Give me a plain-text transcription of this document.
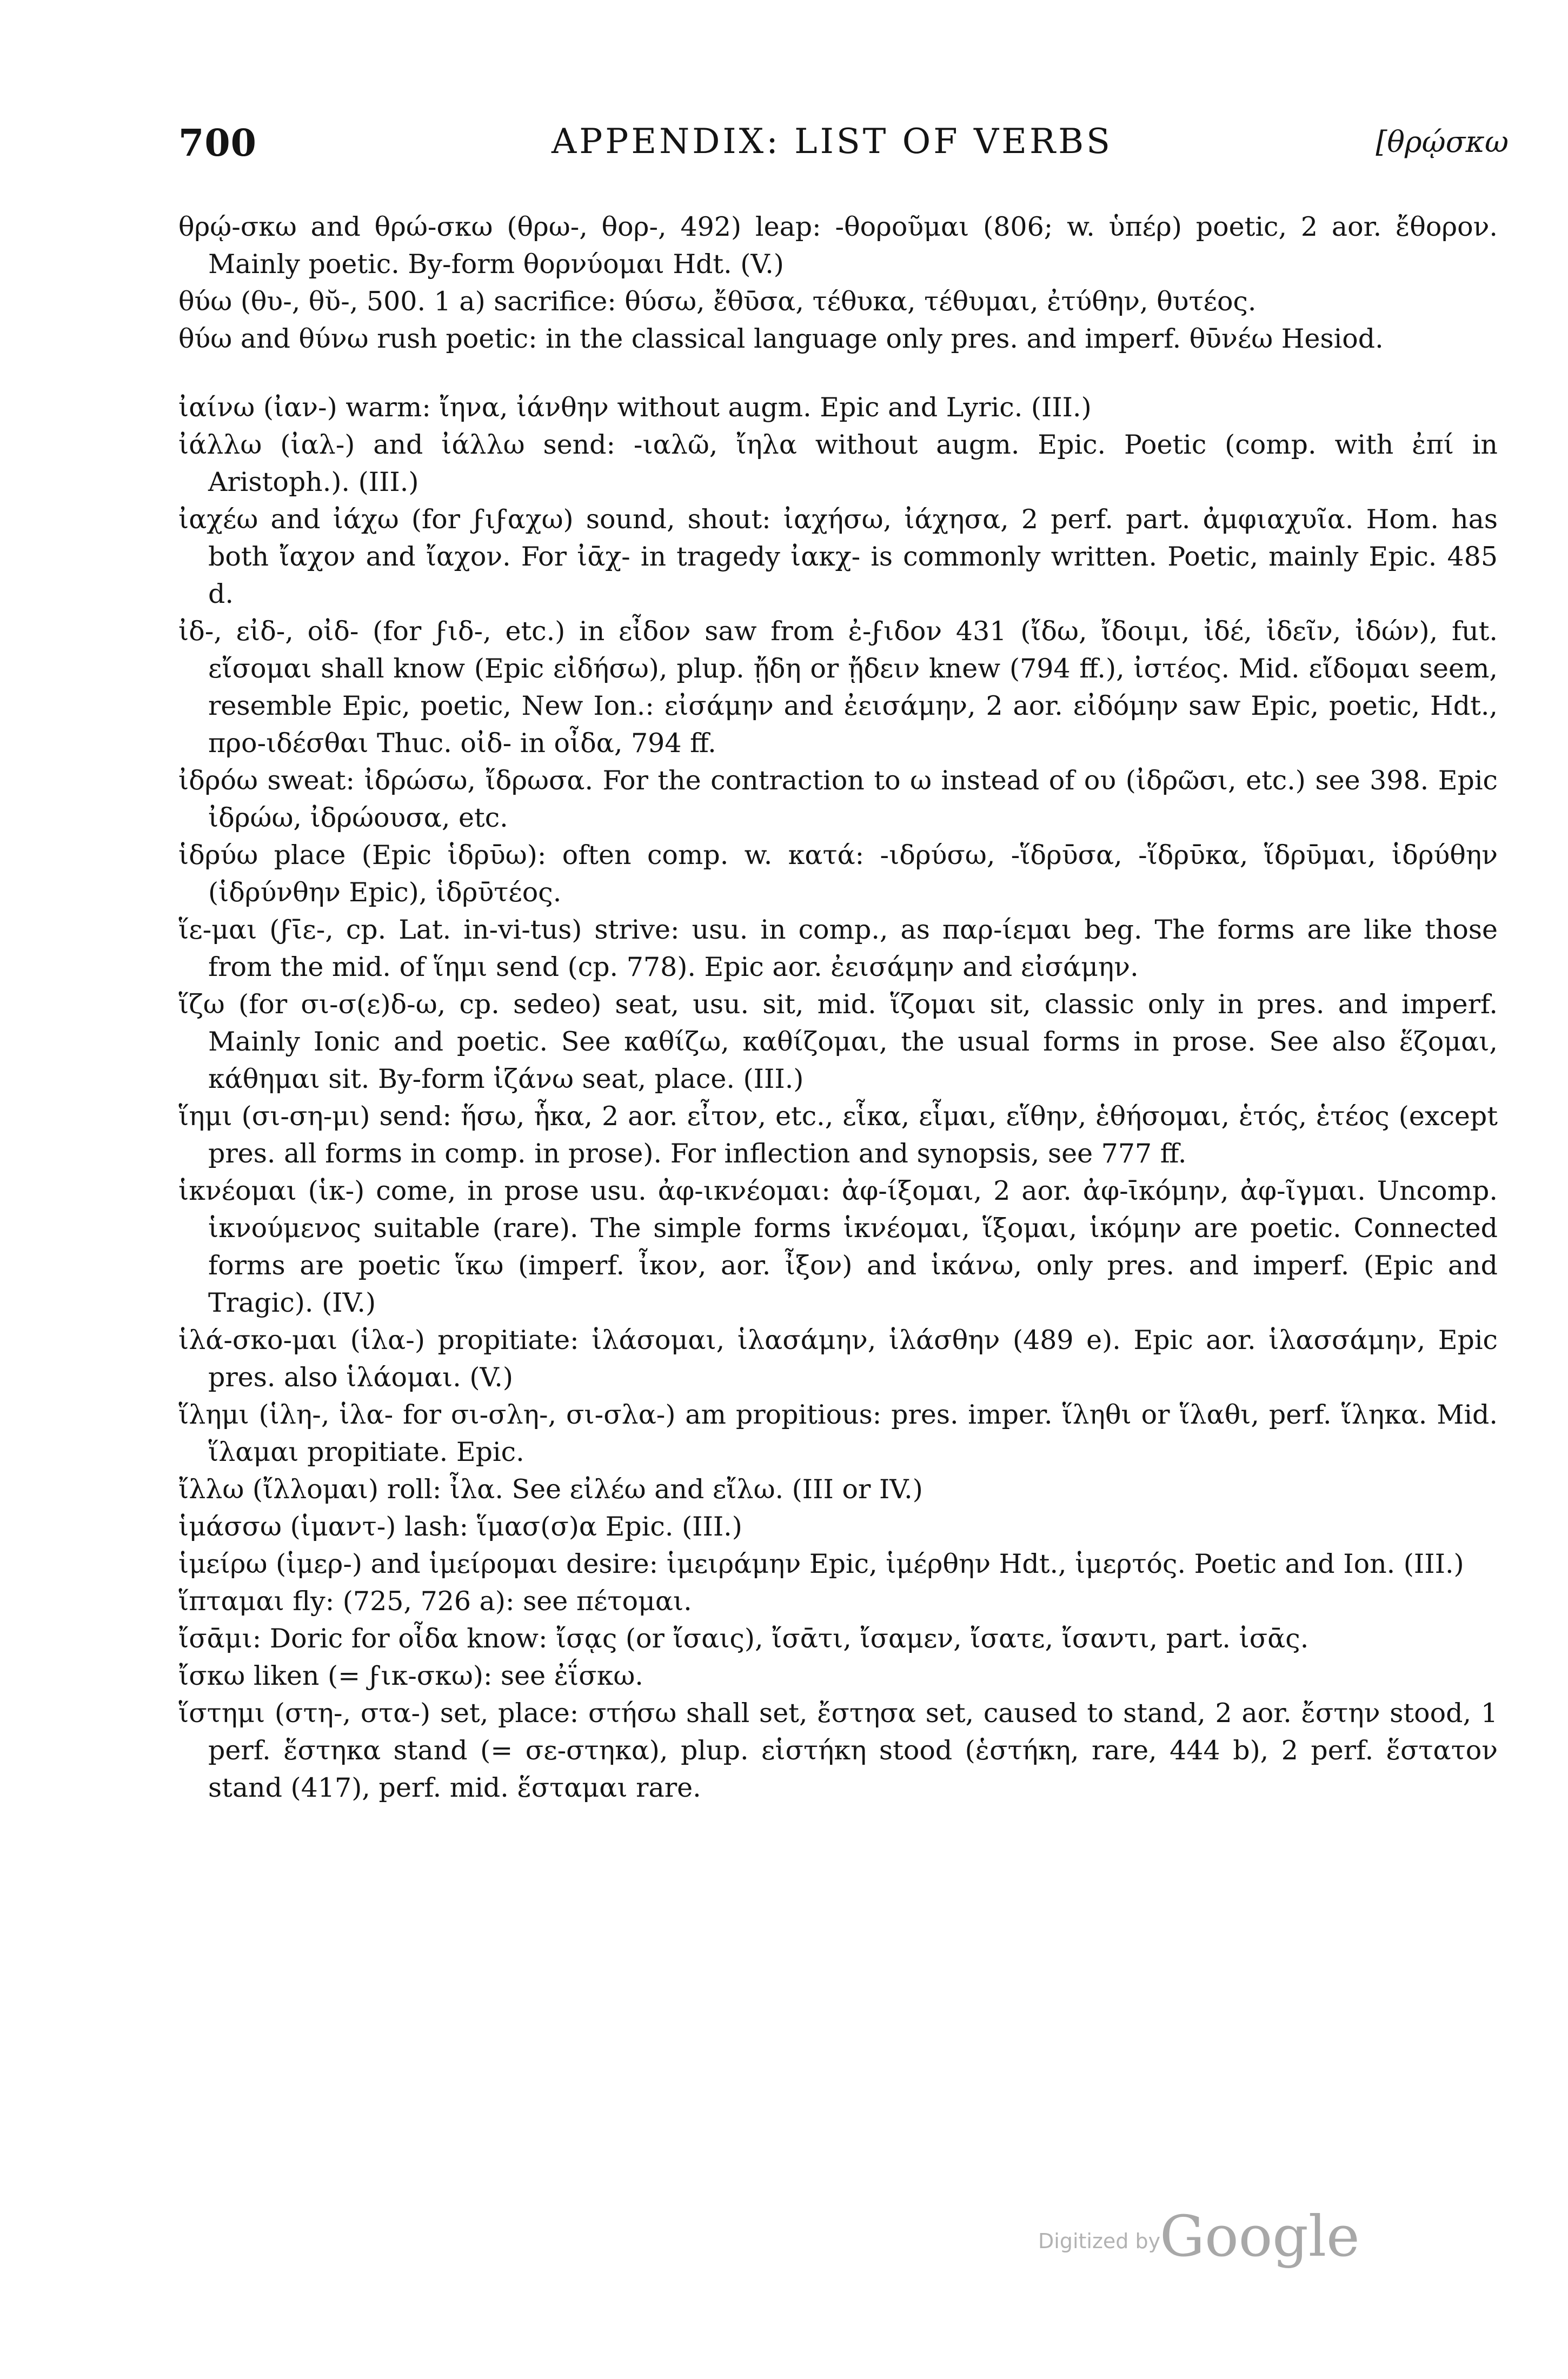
700	APPENDIX: LIST OF VERBS	[θρῴσκω

θρῴ-σκω and θρώ-σκω (θρω-, θορ-, 492) leap: -θοροῦμαι (806; w. ὑπέρ) poetic, 2 aor. ἔθορον. Mainly poetic. By-form θορνύομαι Hdt. (V.)

θύω (θυ-, θῠ-, 500. 1 a) sacrifice: θύσω, ἔθῡσα, τέθυκα, τέθυμαι, ἐτύθην, θυτέος.

θύω and θύνω rush poetic: in the classical language only pres. and imperf. θῡνέω Hesiod.

ἰαίνω (ἰαν-) warm: ἴηνα, ἰάνθην without augm. Epic and Lyric. (III.)

ἰάλλω (ἰαλ-) and ἰάλλω send: -ιαλῶ, ἴηλα without augm. Epic. Poetic (comp. with ἐπί in Aristoph.). (III.)

ἰαχέω and ἰάχω (for ϝιϝαχω) sound, shout: ἰαχήσω, ἰάχησα, 2 perf. part. ἀμφιαχυῖα. Hom. has both ἴαχον and ἴαχον. For ἰᾱχ- in tragedy ἰακχ- is commonly written. Poetic, mainly Epic. 485 d.

ἰδ-, εἰδ-, οἰδ- (for ϝιδ-, etc.) in εἶδον saw from ἐ-ϝιδον 431 (ἴδω, ἴδοιμι, ἰδέ, ἰδεῖν, ἰδών), fut. εἴσομαι shall know (Epic εἰδήσω), plup. ᾔδη or ᾔδειν knew (794 ff.), ἰστέος. Mid. εἴδομαι seem, resemble Epic, poetic, New Ion.: εἰσάμην and ἐεισάμην, 2 aor. εἰδόμην saw Epic, poetic, Hdt., προ-ιδέσθαι Thuc. οἰδ- in οἶδα, 794 ff.

ἰδρόω sweat: ἰδρώσω, ἴδρωσα. For the contraction to ω instead of ου (ἰδρῶσι, etc.) see 398. Epic ἰδρώω, ἰδρώουσα, etc.

ἱδρύω place (Epic ἱδρῡω): often comp. w. κατά: -ιδρύσω, -ἵδρῡσα, -ἵδρῡκα, ἵδρῡμαι, ἱδρύθην (ἱδρύνθην Epic), ἱδρῡτέος.

ἵε-μαι (ϝῑε-, cp. Lat. in-vi-tus) strive: usu. in comp., as παρ-ίεμαι beg. The forms are like those from the mid. of ἵημι send (cp. 778). Epic aor. ἐεισάμην and εἰσάμην.

ἵζω (for σι-σ(ε)δ-ω, cp. sedeo) seat, usu. sit, mid. ἵζομαι sit, classic only in pres. and imperf. Mainly Ionic and poetic. See καθίζω, καθίζομαι, the usual forms in prose. See also ἕζομαι, κάθημαι sit. By-form ἱζάνω seat, place. (III.)

ἵημι (σι-ση-μι) send: ἥσω, ἧκα, 2 aor. εἶτον, etc., εἷκα, εἷμαι, εἵθην, ἑθήσομαι, ἑτός, ἑτέος (except pres. all forms in comp. in prose). For inflection and synopsis, see 777 ff.

ἱκνέομαι (ἱκ-) come, in prose usu. ἀφ-ικνέομαι: ἀφ-ίξομαι, 2 aor. ἀφ-ῑκόμην, ἀφ-ῖγμαι. Uncomp. ἱκνούμενος suitable (rare). The simple forms ἱκνέομαι, ἵξομαι, ἱκόμην are poetic. Connected forms are poetic ἵκω (imperf. ἶκον, aor. ἶξον) and ἱκάνω, only pres. and imperf. (Epic and Tragic). (IV.)

ἱλά-σκο-μαι (ἱλα-) propitiate: ἱλάσομαι, ἱλασάμην, ἱλάσθην (489 e). Epic aor. ἱλασσάμην, Epic pres. also ἱλάομαι. (V.)

ἵλημι (ἱλη-, ἱλα- for σι-σλη-, σι-σλα-) am propitious: pres. imper. ἵληθι or ἵλαθι, perf. ἵληκα. Mid. ἵλαμαι propitiate. Epic.

ἴλλω (ἴλλομαι) roll: ἶλα. See εἰλέω and εἴλω. (III or IV.)

ἱμάσσω (ἱμαντ-) lash: ἵμασ(σ)α Epic. (III.)

ἱμείρω (ἱμερ-) and ἱμείρομαι desire: ἱμειράμην Epic, ἱμέρθην Hdt., ἱμερτός. Poetic and Ion. (III.)

ἵπταμαι fly: (725, 726 a): see πέτομαι.

ἴσᾱμι: Doric for οἶδα know: ἴσᾳς (or ἴσαις), ἴσᾱτι, ἴσαμεν, ἴσατε, ἴσαντι, part. ἰσᾱς.

ἴσκω liken (= ϝικ-σκω): see ἐΐσκω.

ἵστημι (στη-, στα-) set, place: στήσω shall set, ἔστησα set, caused to stand, 2 aor. ἔστην stood, 1 perf. ἕστηκα stand (= σε-στηκα), plup. εἱστήκη stood (ἑστήκη, rare, 444 b), 2 perf. ἕστατον stand (417), perf. mid. ἕσταμαι rare.

Digitized by
Google
